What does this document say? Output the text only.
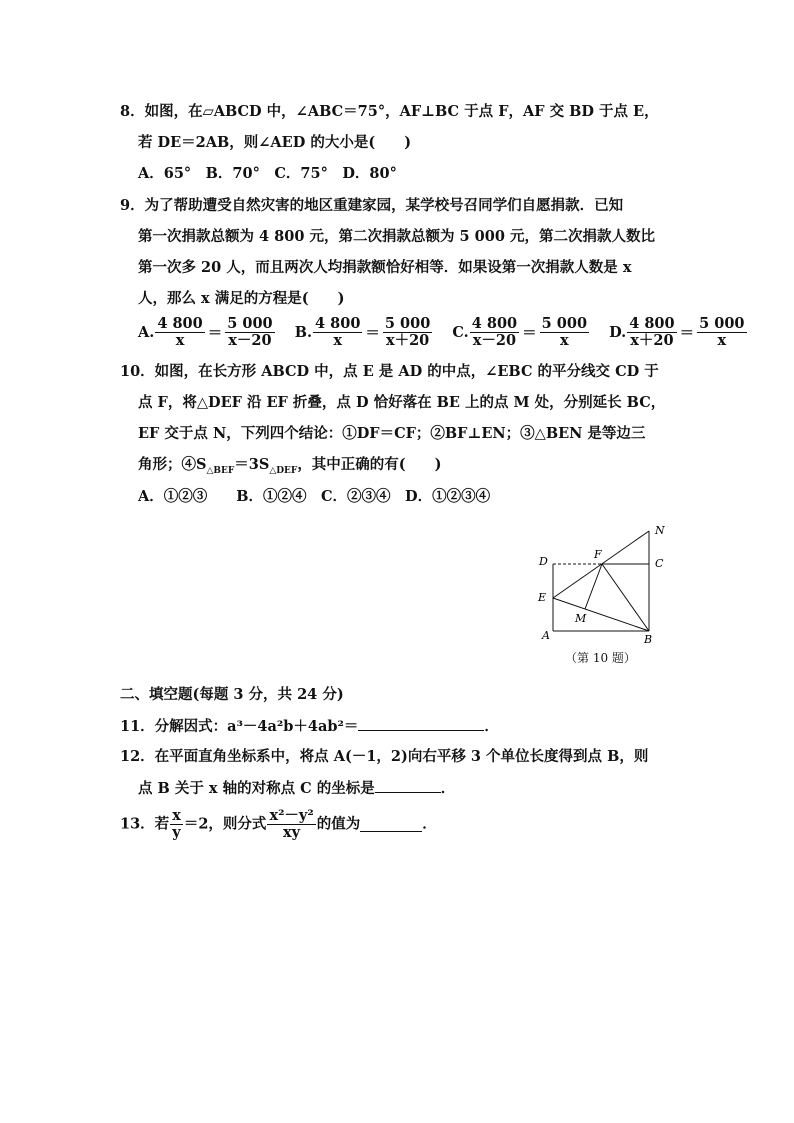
8．如图，在▱ABCD 中，∠ABC＝75°，AF⊥BC 于点 F，AF 交 BD 于点 E，
若 DE＝2AB，则∠AED 的大小是(　　)
A．65°　B．70°　C．75°　D．80°
9．为了帮助遭受自然灾害的地区重建家园，某学校号召同学们自愿捐款．已知
第一次捐款总额为 4 800 元，第二次捐款总额为 5 000 元，第二次捐款人数比
第一次多 20 人，而且两次人均捐款额恰好相等．如果设第一次捐款人数是 x
人，那么 x 满足的方程是(　　)
A. $\frac{4 800}{x} = \frac{5 000}{x-20} B$. $\frac{4 800}{x} = \frac{5 000}{x+20} C$. $\frac{4 800}{x-20} = \frac{5 000}{x} D$. $\frac{4 800}{x+20} = \frac{5 000}{x}$
10．如图，在长方形 ABCD 中，点 E 是 AD 的中点，∠EBC 的平分线交 CD 于
点 F，将△DEF 沿 EF 折叠，点 D 恰好落在 BE 上的点 M 处，分别延长 BC，
EF 交于点 N，下列四个结论：①DF＝CF；②BF⊥EN；③△BEN 是等边三
角形；$④S_{\triangle BEF}=3S_{\triangle DEF}$，其中正确的有(　　)
A．①②③　　B．①②④　C．②③④　D．①②③④
N
D
F
C
E
M
A	B
（第 10 题）
二、填空题(每题 3 分，共 24 分)
11．分解因式：a³－4a²b＋4ab²＝	．
12．在平面直角坐标系中，将点 A(－1，2)向右平移 3 个单位长度得到点 B，则
点 B 关于 x 轴的对称点 C 的坐标是	．
13．若 $\frac{x}{y} =2$，则分式 $\frac{\text{x²－y²}}{xy}$ 的值为	．
